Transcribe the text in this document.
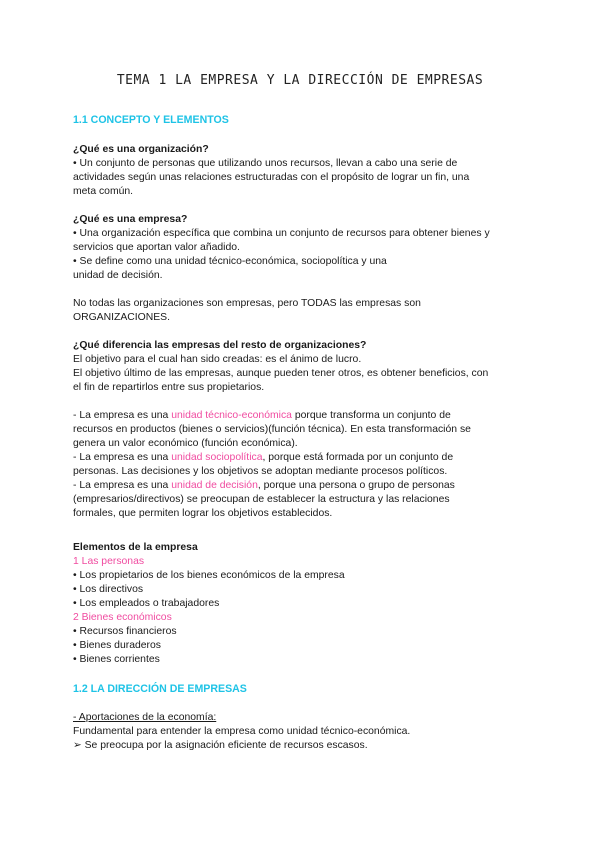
TEMA 1 LA EMPRESA Y LA DIRECCIÓN DE EMPRESAS
1.1 CONCEPTO Y ELEMENTOS
¿Qué es una organización?
• Un conjunto de personas que utilizando unos recursos, llevan a cabo una serie de
actividades según unas relaciones estructuradas con el propósito de lograr un fin, una
meta común.
¿Qué es una empresa?
• Una organización específica que combina un conjunto de recursos para obtener bienes y
servicios que aportan valor añadido.
• Se define como una unidad técnico-económica, sociopolítica y una
unidad de decisión.
No todas las organizaciones son empresas, pero TODAS las empresas son
ORGANIZACIONES.
¿Qué diferencia las empresas del resto de organizaciones?
El objetivo para el cual han sido creadas: es el ánimo de lucro.
El objetivo último de las empresas, aunque pueden tener otros, es obtener beneficios, con
el fin de repartirlos entre sus propietarios.
- La empresa es una unidad técnico-económica porque transforma un conjunto de
recursos en productos (bienes o servicios)(función técnica). En esta transformación se
genera un valor económico (función económica).
- La empresa es una unidad sociopolítica, porque está formada por un conjunto de
personas. Las decisiones y los objetivos se adoptan mediante procesos políticos.
- La empresa es una unidad de decisión, porque una persona o grupo de personas
(empresarios/directivos) se preocupan de establecer la estructura y las relaciones
formales, que permiten lograr los objetivos establecidos.
Elementos de la empresa
1 Las personas
• Los propietarios de los bienes económicos de la empresa
• Los directivos
• Los empleados o trabajadores
2 Bienes económicos
• Recursos financieros
• Bienes duraderos
• Bienes corrientes
1.2 LA DIRECCIÓN DE EMPRESAS
- Aportaciones de la economía:
Fundamental para entender la empresa como unidad técnico-económica.
➢ Se preocupa por la asignación eficiente de recursos escasos.
